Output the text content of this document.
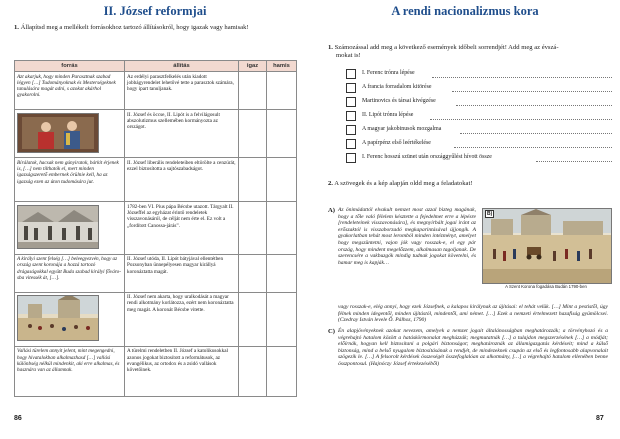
II. József reformjai
1. Állapítsd meg a mellékelt forrásokhoz tartozó állításokról, hogy igazak vagy hamisak!
forrás	állítás	igaz	hamis
Azt akarjuk, hogy minden Parasztnak szabad légyen […] Tudományoknak és Mesterségeknek tanulására magát adni, s azokat akárhol gyakorolni.	Az erdélyi parasztfelkelés után kiadott jobbágyrendelet lehetővé tette a parasztok számára, hogy ipart tanuljanak.		
	II. József és öccse, II. Lipót is a felvilágosult abszolutizmus szellemében kormányozta az országot.		
Bírálatok, hacsak nem gúnyiratok, bárkit érjenek is, […] nem tilthatók el, mert minden igazságszerető embernek örülnie kell, ha az igazság ezen az úton tudomására jut.	II. József liberális rendeleteiben eltörölte a cenzúrát, ezzel biztosította a sajtószabadságot.		
	1782-ben VI. Pius pápa Bécsbe utazott. Tárgyalt II. Józseffel az egyházat érintő rendeletek visszavonásáról, de célját nem érte el. Ez volt a „fordított Canossa-járás”.		
A királyi szent felség […] beleegyezvén, hogy az ország szent koronája a hozzá tartozó drágaságokkal együtt Buda szabad királyi fővárosba vitessék át, […].	II. József utóda, II. Lipót bátyjával ellentétben Pozsonyban ünnepélyesen magyar királlyá koronáztatta magát.		
	II. József nem akarta, hogy uralkodását a magyar rendi alkotmány korlátozza, ezért nem koronáztatta meg magát. A koronát Bécsbe vitette.		
Vallási türelem annyit jelent, mint megengedni, hogy hivatalokban alkalmazhasd […] vallási különbség nélkül mindenkit, aki erre alkalmas, és hasznára van az államnak.	A türelmi rendeletben II. József a katolikusokkal azonos jogokat biztosított a reformátusok, az evangélikus, az ortodox és a zsidó vallások követőinek.		
86
A rendi nacionalizmus kora
1. Számozással add meg a következő események időbeli sorrendjét! Add meg az évszá-
mokat is!
I. Ferenc trónra lépése
A francia forradalom kitörése
Martinovics és társai kivégzése
II. Lipót trónra lépése
A magyar jakobinusok mozgalma
A papírpénz első leértékelése
I. Ferenc hosszú szünet után országgyűlést hívott össze
2. A szövegek és a kép alapján oldd meg a feladatokat!
A) Az önimádattól elvakult nemzet most azzal bizteg magának, hogy a tőle való félelem késztette a fejedelmet erre a lépésre [rendeleteinek visszavonására], és megnyírbált jogai iránt az erőszaktól is visszaborzadó megkaparintásával újjongik. A gyakorlatban tehát most leromból minden intézményt, amelyet hogy megszüntetni, vajon jók vagy rosszak-e, el egy pár ország, hogy mindent megelőzzem, alkalmasan tagoljanak. De szerencsére a vakbuzgók mindig tudnak jogokat követelni, és hamar meg is kapják…
B)
A Szent Korona fogadása Budán 1790-ben
vagy rosszak-e, elég annyi, hogy ezek Józsefnek, a kalapos királynak az újításai: el tehát velük. […] Mint a pestistől, úgy félnek minden idegentől, minden újítástól, mindentől, ami német. […] Ezek a nemzeti értelmezett hazafiság gyümölcsei. (Czedray István levele Ő. Pálhoz, 1790)
C) Én alapjövényeknek azokat nevezem, amelyek a nemzet jogait általánosságban meghatározzák; a törvényhozó és a végrehajtó hatalom között a hatáskörmonalat meghúzzák; megmutatnák […] a tulajdon megszerzésének […] a módját; előírnák, hogyan kell biztosítani a polgári biztonságot; meghatároznák az államigazgatás kérdéseit; mind a külső biztonság, mind a belső nyugalom biztosításának a rendjét, de mindezeknek csupán az első és legfontosabb alapvonalait szögezik le. […] A felsorolt kérdések összeségét összefoglalóan az alkotmány, […] a végrehajtó hatalom ellenében benne összpontosul. (Hajnóczy József értekezéséből)
87
